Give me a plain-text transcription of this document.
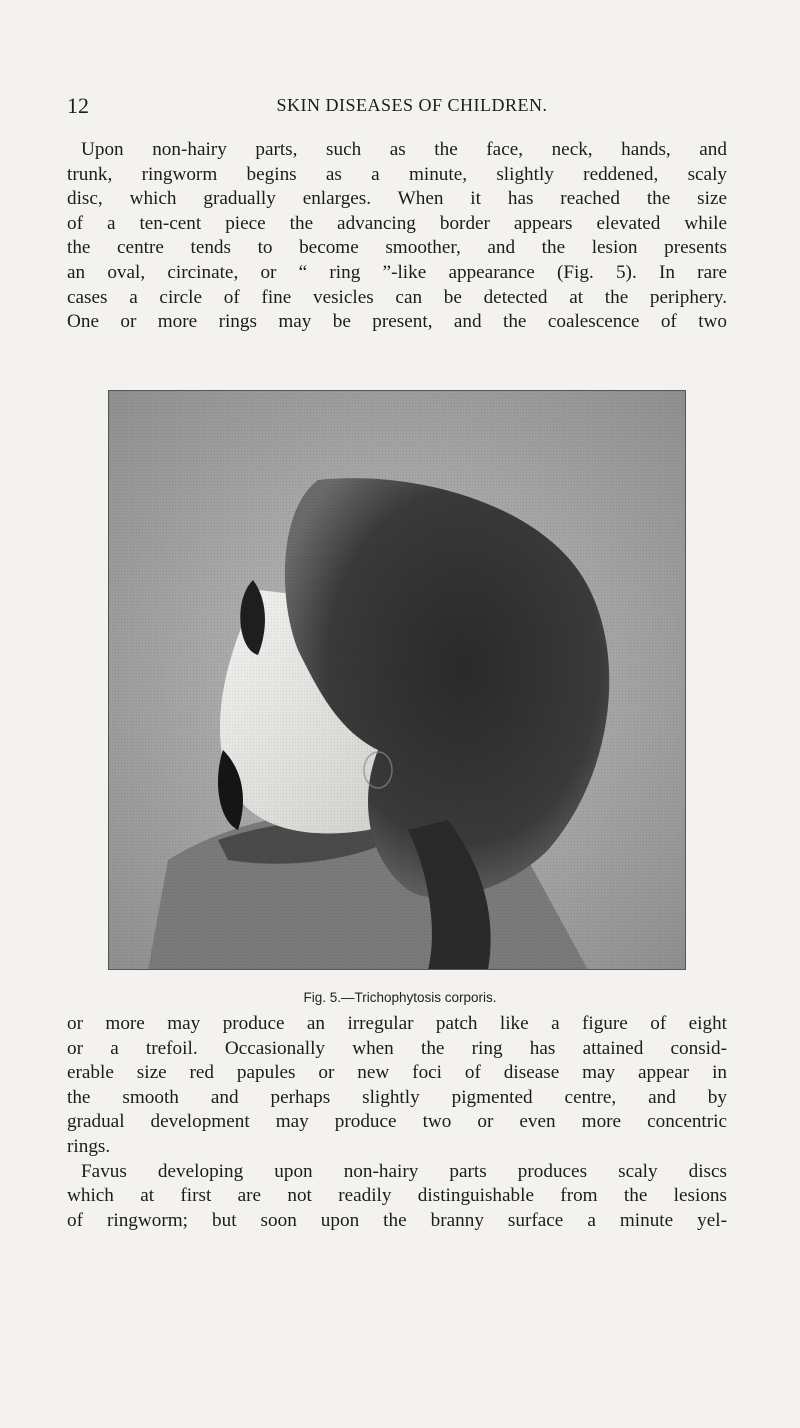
12	SKIN DISEASES OF CHILDREN.
Upon non-hairy parts, such as the face, neck, hands, and
trunk, ringworm begins as a minute, slightly reddened, scaly
disc, which gradually enlarges. When it has reached the size
of a ten-cent piece the advancing border appears elevated while
the centre tends to become smoother, and the lesion presents
an oval, circinate, or “ ring ”-like appearance (Fig. 5). In rare
cases a circle of fine vesicles can be detected at the periphery.
One or more rings may be present, and the coalescence of two
Fig. 5.—Trichophytosis corporis.
or more may produce an irregular patch like a figure of eight
or a trefoil. Occasionally when the ring has attained consid-
erable size red papules or new foci of disease may appear in
the smooth and perhaps slightly pigmented centre, and by
gradual development may produce two or even more concentric
rings.
Favus developing upon non-hairy parts produces scaly discs
which at first are not readily distinguishable from the lesions
of ringworm; but soon upon the branny surface a minute yel-
